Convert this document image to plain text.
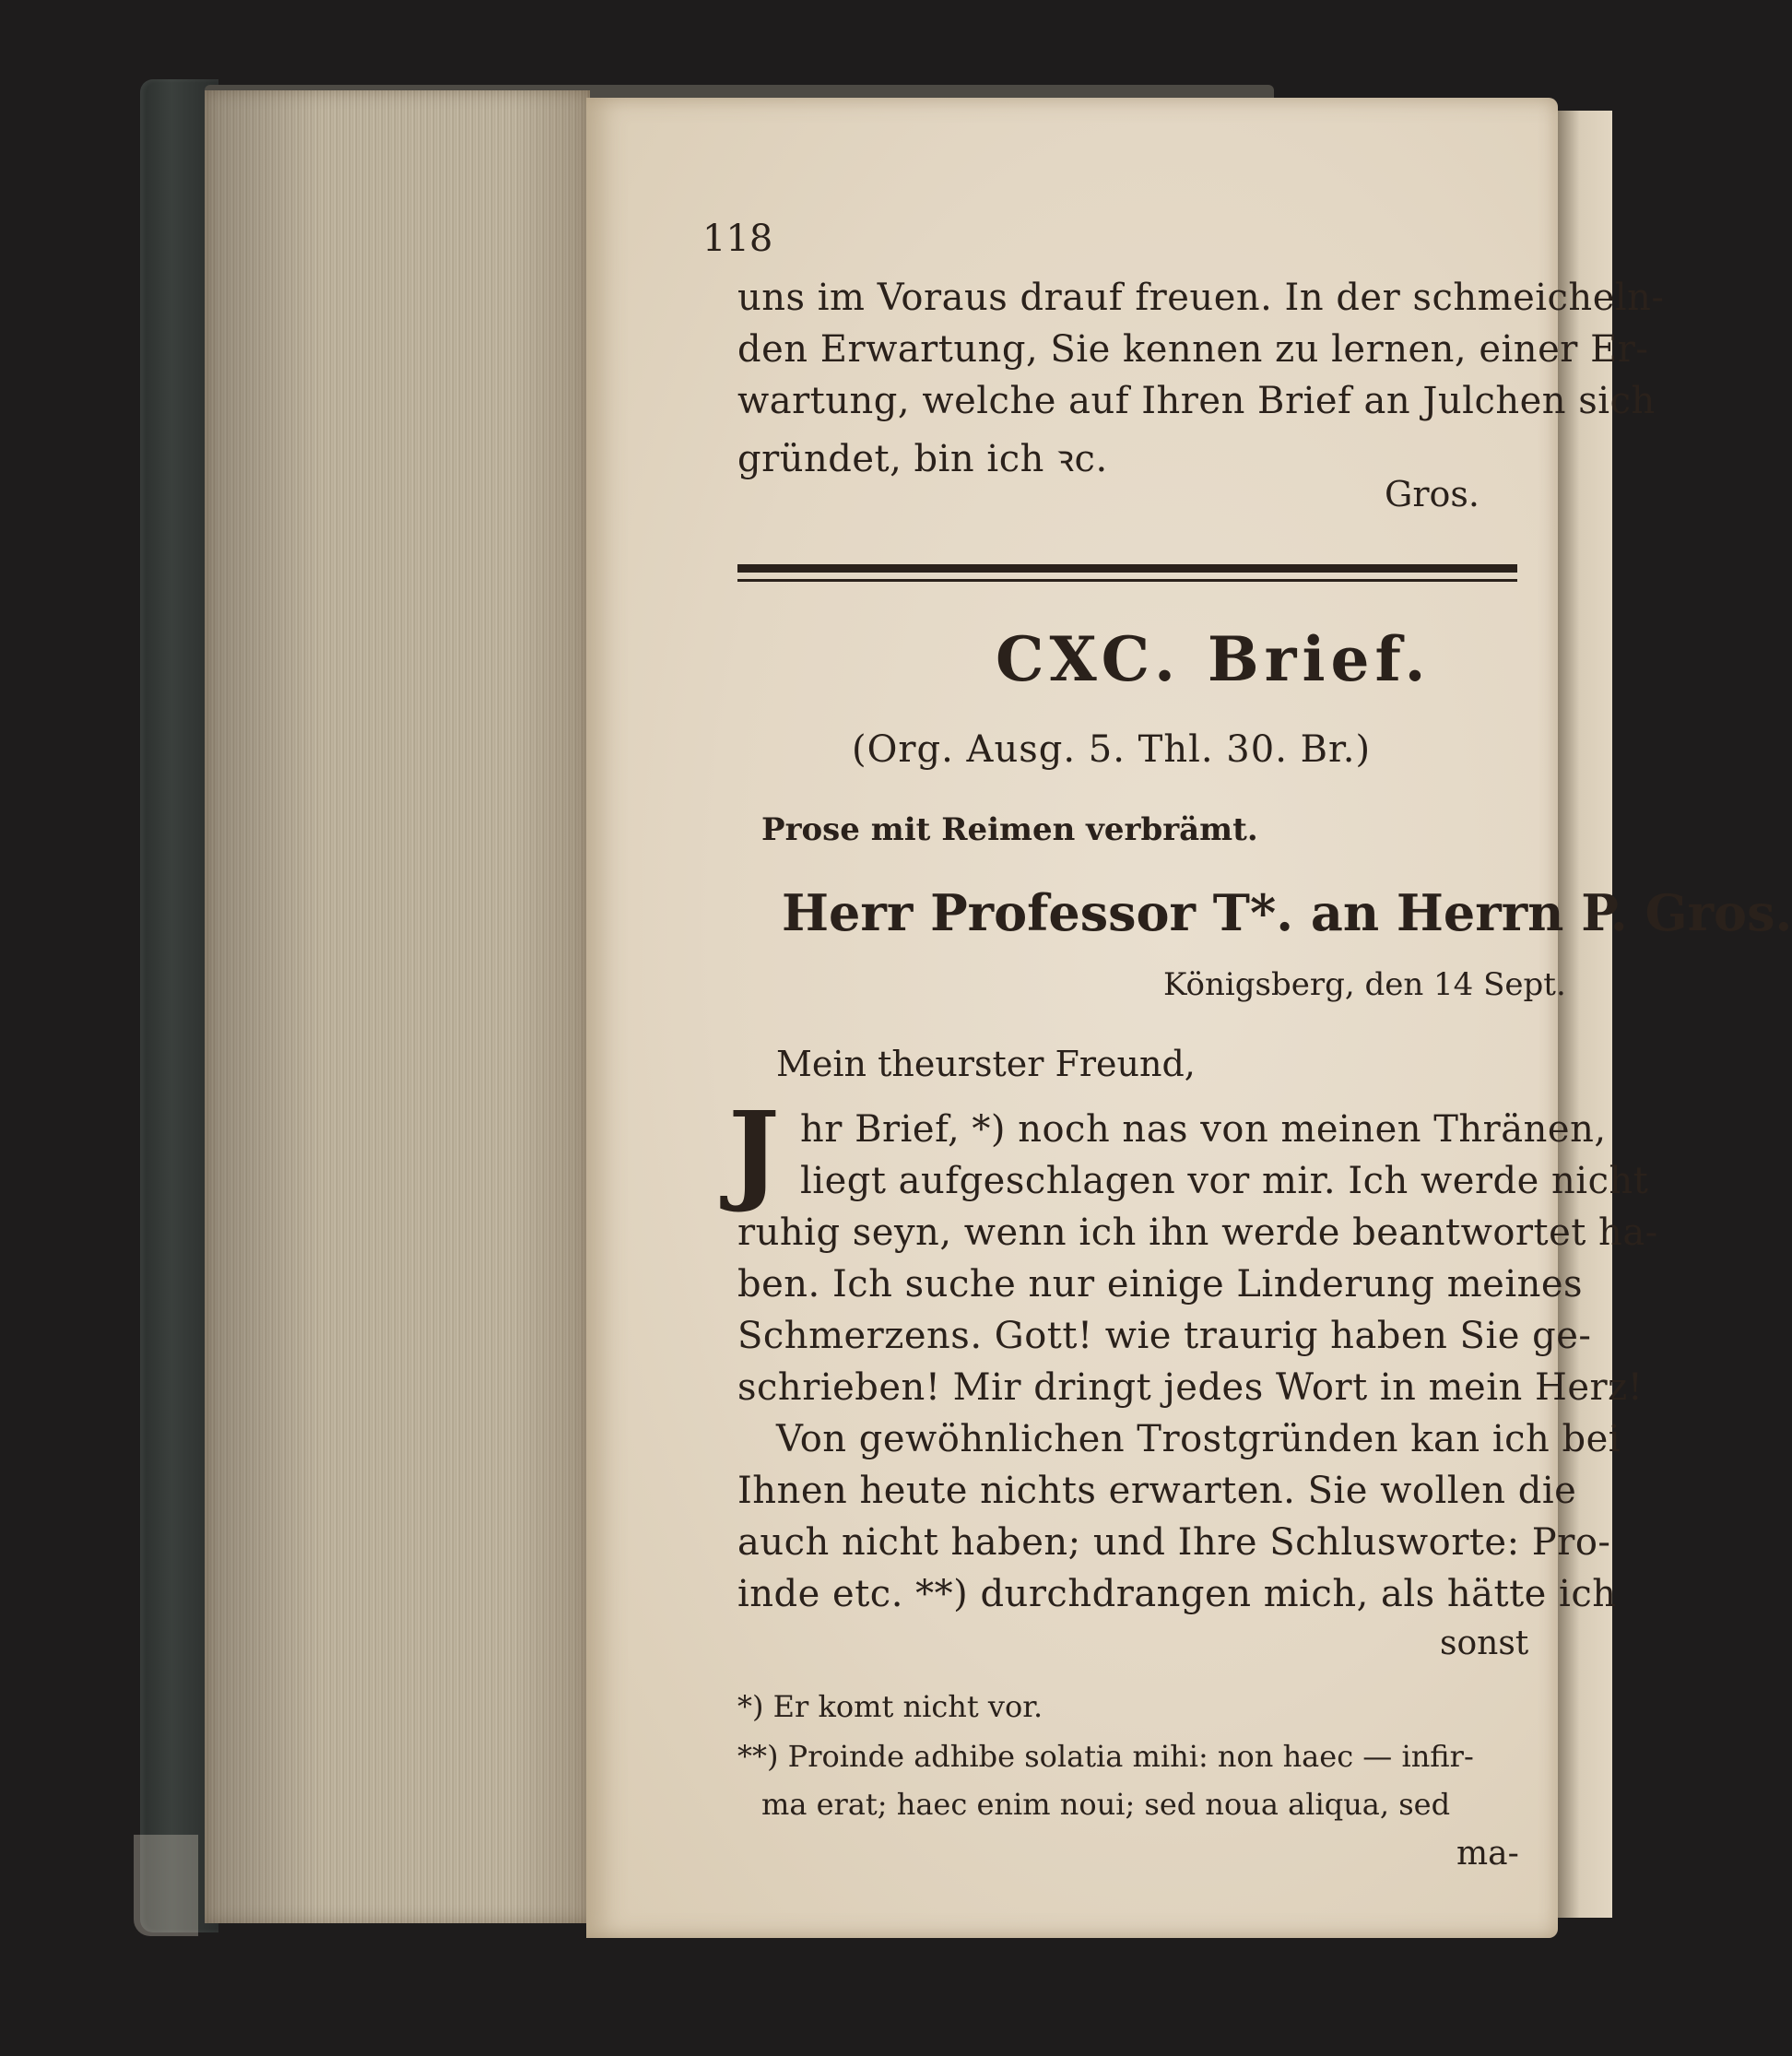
118
uns im Voraus drauf freuen. In der schmeicheln-
den Erwartung, Sie kennen zu lernen, einer Er-
wartung, welche auf Ihren Brief an Julchen sich
gründet, bin ich ꝛc.
Gros.
CXC. Brief.
(Org. Ausg. 5. Thl. 30. Br.)
Prose mit Reimen verbrämt.
Herr Professor T*. an Herrn P. Gros.
Königsberg, den 14 Sept.
Mein theurster Freund,
J hr Brief, *) noch nas von meinen Thränen,
liegt aufgeschlagen vor mir. Ich werde nicht
ruhig seyn, wenn ich ihn werde beantwortet ha-
ben. Ich suche nur einige Linderung meines
Schmerzens. Gott! wie traurig haben Sie ge-
schrieben! Mir dringt jedes Wort in mein Herz!
Von gewöhnlichen Trostgründen kan ich bei
Ihnen heute nichts erwarten. Sie wollen die
auch nicht haben; und Ihre Schlusworte: Pro-
inde etc. **) durchdrangen mich, als hätte ich
sonst
*) Er komt nicht vor.
**) Proinde adhibe solatia mihi: non haec — infir-
ma erat; haec enim noui; sed noua aliqua, sed
ma-
